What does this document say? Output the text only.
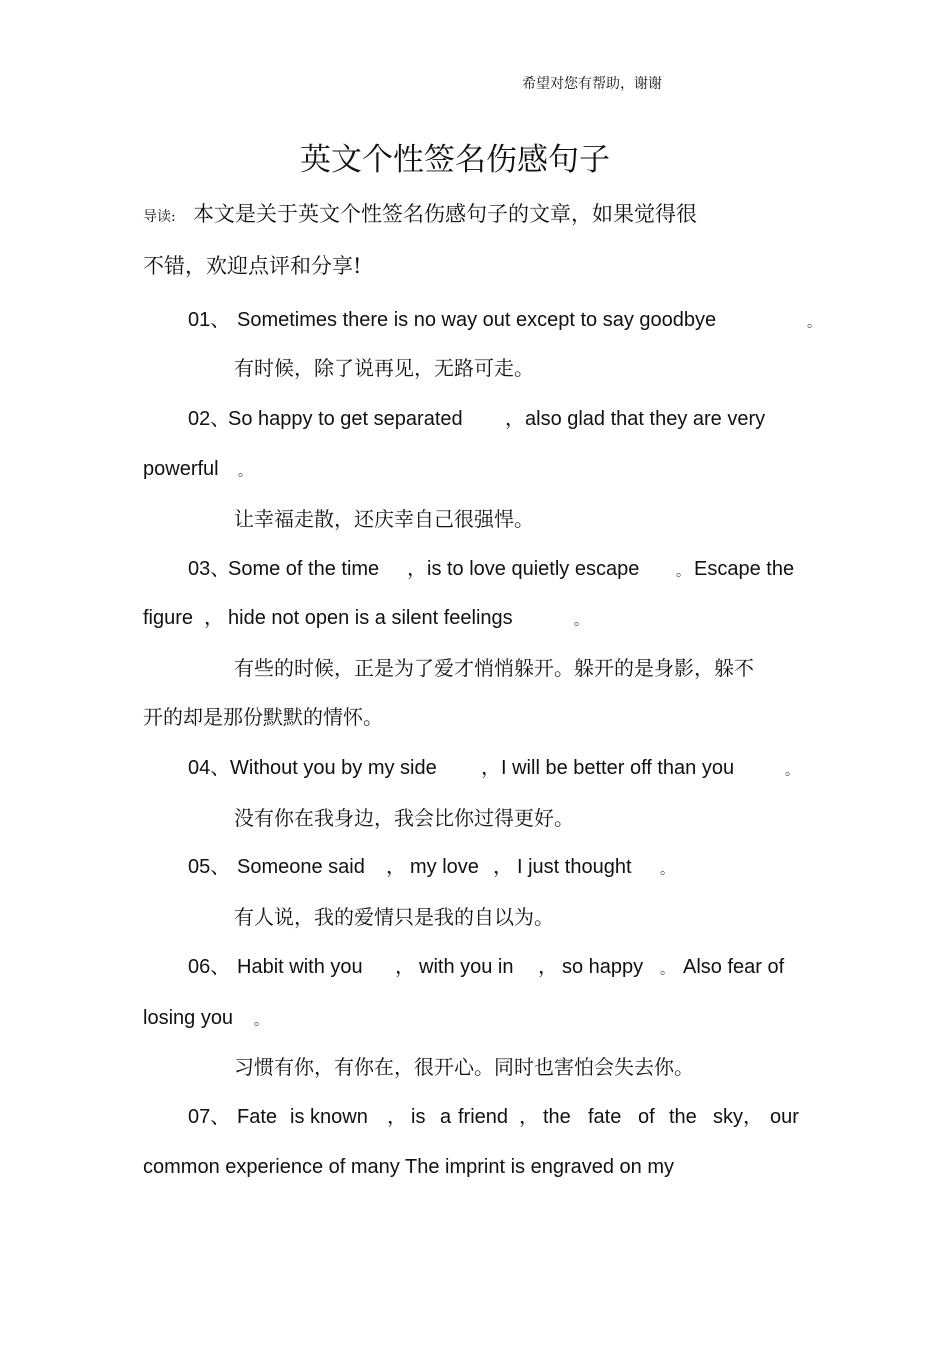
希望对您有帮助，谢谢
英文个性签名伤感句子
导读: 本文是关于英文个性签名伤感句子的文章，如果觉得很
不错，欢迎点评和分享!
01、 Sometimes there is no way out except to say goodbye	。
有时候，除了说再见，无路可走。
02、
So happy to get separated ，also glad that they are very
powerful 。
让幸福走散，还庆幸自己很强悍。
03、
Some of the time ，is to love quietly escape	。 Escape the
figure ， hide not open is a silent feelings	。
有些的时候，正是为了爱才悄悄躲开。躲开的是身影，躲不
开的却是那份默默的情怀。
04、 Without you by my side ，I will be better off than you	。
没有你在我身边，我会比你过得更好。
05、 Someone said ， my love ， I just thought 。
有人说，我的爱情只是我的自以为。
06、 Habit with you ， with you in ， so happy 。 Also fear of
losing you 。
习惯有你，有你在，很开心。同时也害怕会失去你。
07、 Fate is known ， is a friend ， the fate of the sky， our
common experience of many The imprint is engraved on my
